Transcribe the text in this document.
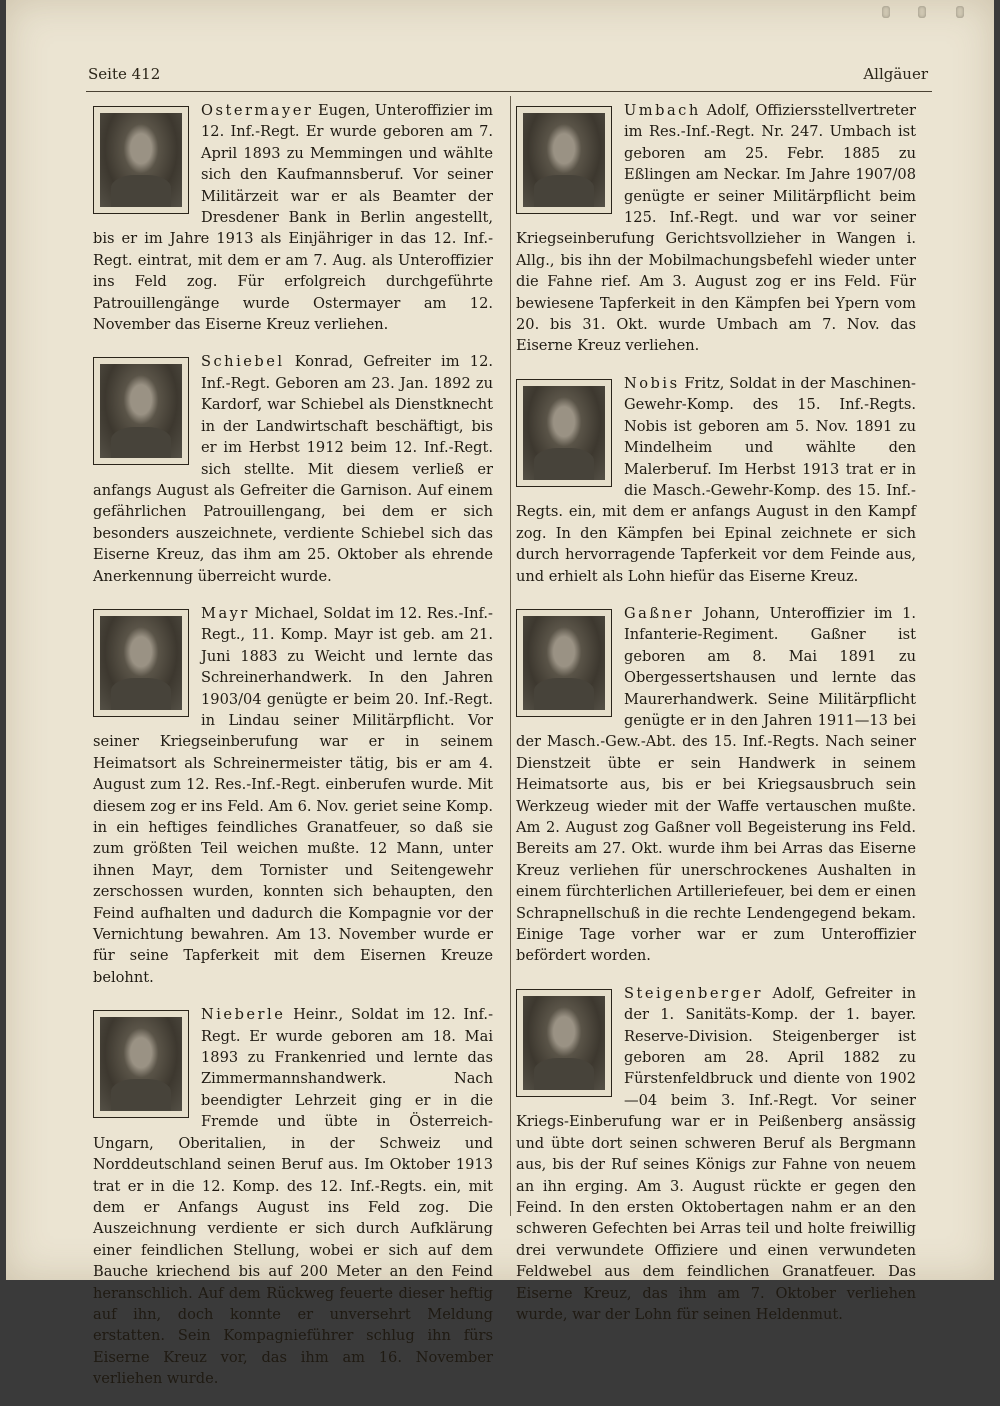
Seite 412	Allgäuer

Ostermayer Eugen, Unteroffizier im 12. Inf.-Regt. Er wurde geboren am 7. April 1893 zu Memmingen und wählte sich den Kaufmannsberuf. Vor seiner Militärzeit war er als Beamter der Dresdener Bank in Berlin angestellt, bis er im Jahre 1913 als Einjähriger in das 12. Inf.-Regt. eintrat, mit dem er am 7. Aug. als Unteroffizier ins Feld zog. Für erfolgreich durchgeführte Patrouillengänge wurde Ostermayer am 12. November das Eiserne Kreuz verliehen.

Schiebel Konrad, Gefreiter im 12. Inf.-Regt. Geboren am 23. Jan. 1892 zu Kardorf, war Schiebel als Dienstknecht in der Landwirtschaft beschäftigt, bis er im Herbst 1912 beim 12. Inf.-Regt. sich stellte. Mit diesem verließ er anfangs August als Gefreiter die Garnison. Auf einem gefährlichen Patrouillengang, bei dem er sich besonders auszeichnete, verdiente Schiebel sich das Eiserne Kreuz, das ihm am 25. Oktober als ehrende Anerkennung überreicht wurde.

Mayr Michael, Soldat im 12. Res.-Inf.-Regt., 11. Komp. Mayr ist geb. am 21. Juni 1883 zu Weicht und lernte das Schreinerhandwerk. In den Jahren 1903/04 genügte er beim 20. Inf.-Regt. in Lindau seiner Militärpflicht. Vor seiner Kriegseinberufung war er in seinem Heimatsort als Schreinermeister tätig, bis er am 4. August zum 12. Res.-Inf.-Regt. einberufen wurde. Mit diesem zog er ins Feld. Am 6. Nov. geriet seine Komp. in ein heftiges feindliches Granatfeuer, so daß sie zum größten Teil weichen mußte. 12 Mann, unter ihnen Mayr, dem Tornister und Seitengewehr zerschossen wurden, konnten sich behaupten, den Feind aufhalten und dadurch die Kompagnie vor der Vernichtung bewahren. Am 13. November wurde er für seine Tapferkeit mit dem Eisernen Kreuze belohnt.

Nieberle Heinr., Soldat im 12. Inf.-Regt. Er wurde geboren am 18. Mai 1893 zu Frankenried und lernte das Zimmermannshandwerk. Nach beendigter Lehrzeit ging er in die Fremde und übte in Österreich-Ungarn, Oberitalien, in der Schweiz und Norddeutschland seinen Beruf aus. Im Oktober 1913 trat er in die 12. Komp. des 12. Inf.-Regts. ein, mit dem er Anfangs August ins Feld zog. Die Auszeichnung verdiente er sich durch Aufklärung einer feindlichen Stellung, wobei er sich auf dem Bauche kriechend bis auf 200 Meter an den Feind heranschlich. Auf dem Rückweg feuerte dieser heftig auf ihn, doch konnte er unversehrt Meldung erstatten. Sein Kompagnieführer schlug ihn fürs Eiserne Kreuz vor, das ihm am 16. November verliehen wurde.

Umbach Adolf, Offiziersstellvertreter im Res.-Inf.-Regt. Nr. 247. Umbach ist geboren am 25. Febr. 1885 zu Eßlingen am Neckar. Im Jahre 1907/08 genügte er seiner Militärpflicht beim 125. Inf.-Regt. und war vor seiner Kriegseinberufung Gerichtsvollzieher in Wangen i. Allg., bis ihn der Mobilmachungsbefehl wieder unter die Fahne rief. Am 3. August zog er ins Feld. Für bewiesene Tapferkeit in den Kämpfen bei Ypern vom 20. bis 31. Okt. wurde Umbach am 7. Nov. das Eiserne Kreuz verliehen.

Nobis Fritz, Soldat in der Maschinen-Gewehr-Komp. des 15. Inf.-Regts. Nobis ist geboren am 5. Nov. 1891 zu Mindelheim und wählte den Malerberuf. Im Herbst 1913 trat er in die Masch.-Gewehr-Komp. des 15. Inf.-Regts. ein, mit dem er anfangs August in den Kampf zog. In den Kämpfen bei Epinal zeichnete er sich durch hervorragende Tapferkeit vor dem Feinde aus, und erhielt als Lohn hiefür das Eiserne Kreuz.

Gaßner Johann, Unteroffizier im 1. Infanterie-Regiment. Gaßner ist geboren am 8. Mai 1891 zu Obergessertshausen und lernte das Maurerhandwerk. Seine Militärpflicht genügte er in den Jahren 1911—13 bei der Masch.-Gew.-Abt. des 15. Inf.-Regts. Nach seiner Dienstzeit übte er sein Handwerk in seinem Heimatsorte aus, bis er bei Kriegsausbruch sein Werkzeug wieder mit der Waffe vertauschen mußte. Am 2. August zog Gaßner voll Begeisterung ins Feld. Bereits am 27. Okt. wurde ihm bei Arras das Eiserne Kreuz verliehen für unerschrockenes Aushalten in einem fürchterlichen Artilleriefeuer, bei dem er einen Schrapnellschuß in die rechte Lendengegend bekam. Einige Tage vorher war er zum Unteroffizier befördert worden.

Steigenberger Adolf, Gefreiter in der 1. Sanitäts-Komp. der 1. bayer. Reserve-Division. Steigenberger ist geboren am 28. April 1882 zu Fürstenfeldbruck und diente von 1902—04 beim 3. Inf.-Regt. Vor seiner Kriegs-Einberufung war er in Peißenberg ansässig und übte dort seinen schweren Beruf als Bergmann aus, bis der Ruf seines Königs zur Fahne von neuem an ihn erging. Am 3. August rückte er gegen den Feind. In den ersten Oktobertagen nahm er an den schweren Gefechten bei Arras teil und holte freiwillig drei verwundete Offiziere und einen verwundeten Feldwebel aus dem feindlichen Granatfeuer. Das Eiserne Kreuz, das ihm am 7. Oktober verliehen wurde, war der Lohn für seinen Heldenmut.
